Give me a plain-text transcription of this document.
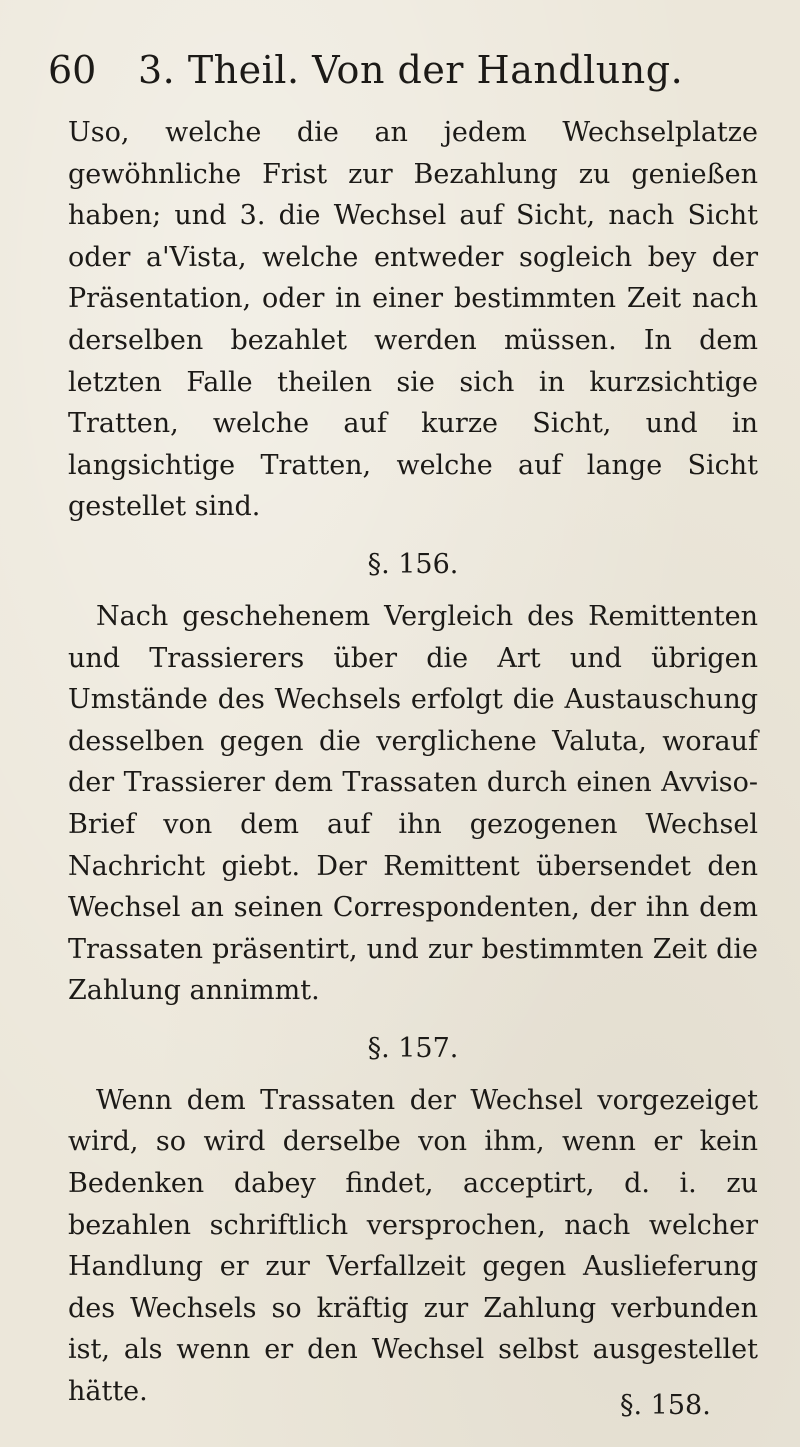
60	3. Theil. Von der Handlung.

Uso, welche die an jedem Wechselplatze gewöhnliche Frist zur Bezahlung zu genießen haben; und 3. die Wechsel auf Sicht, nach Sicht oder a'Vista, welche entweder sogleich bey der Präsentation, oder in einer bestimmten Zeit nach derselben bezahlet werden müssen. In dem letzten Falle theilen sie sich in kurzsichtige Tratten, welche auf kurze Sicht, und in langsichtige Tratten, welche auf lange Sicht gestellet sind.

§. 156.

Nach geschehenem Vergleich des Remittenten und Trassierers über die Art und übrigen Umstände des Wechsels erfolgt die Austauschung desselben gegen die verglichene Valuta, worauf der Trassierer dem Trassaten durch einen Avviso-Brief von dem auf ihn gezogenen Wechsel Nachricht giebt. Der Remittent übersendet den Wechsel an seinen Correspondenten, der ihn dem Trassaten präsentirt, und zur bestimmten Zeit die Zahlung annimmt.

§. 157.

Wenn dem Trassaten der Wechsel vorgezeiget wird, so wird derselbe von ihm, wenn er kein Bedenken dabey findet, acceptirt, d. i. zu bezahlen schriftlich versprochen, nach welcher Handlung er zur Verfallzeit gegen Auslieferung des Wechsels so kräftig zur Zahlung verbunden ist, als wenn er den Wechsel selbst ausgestellet hätte.	§. 158.
